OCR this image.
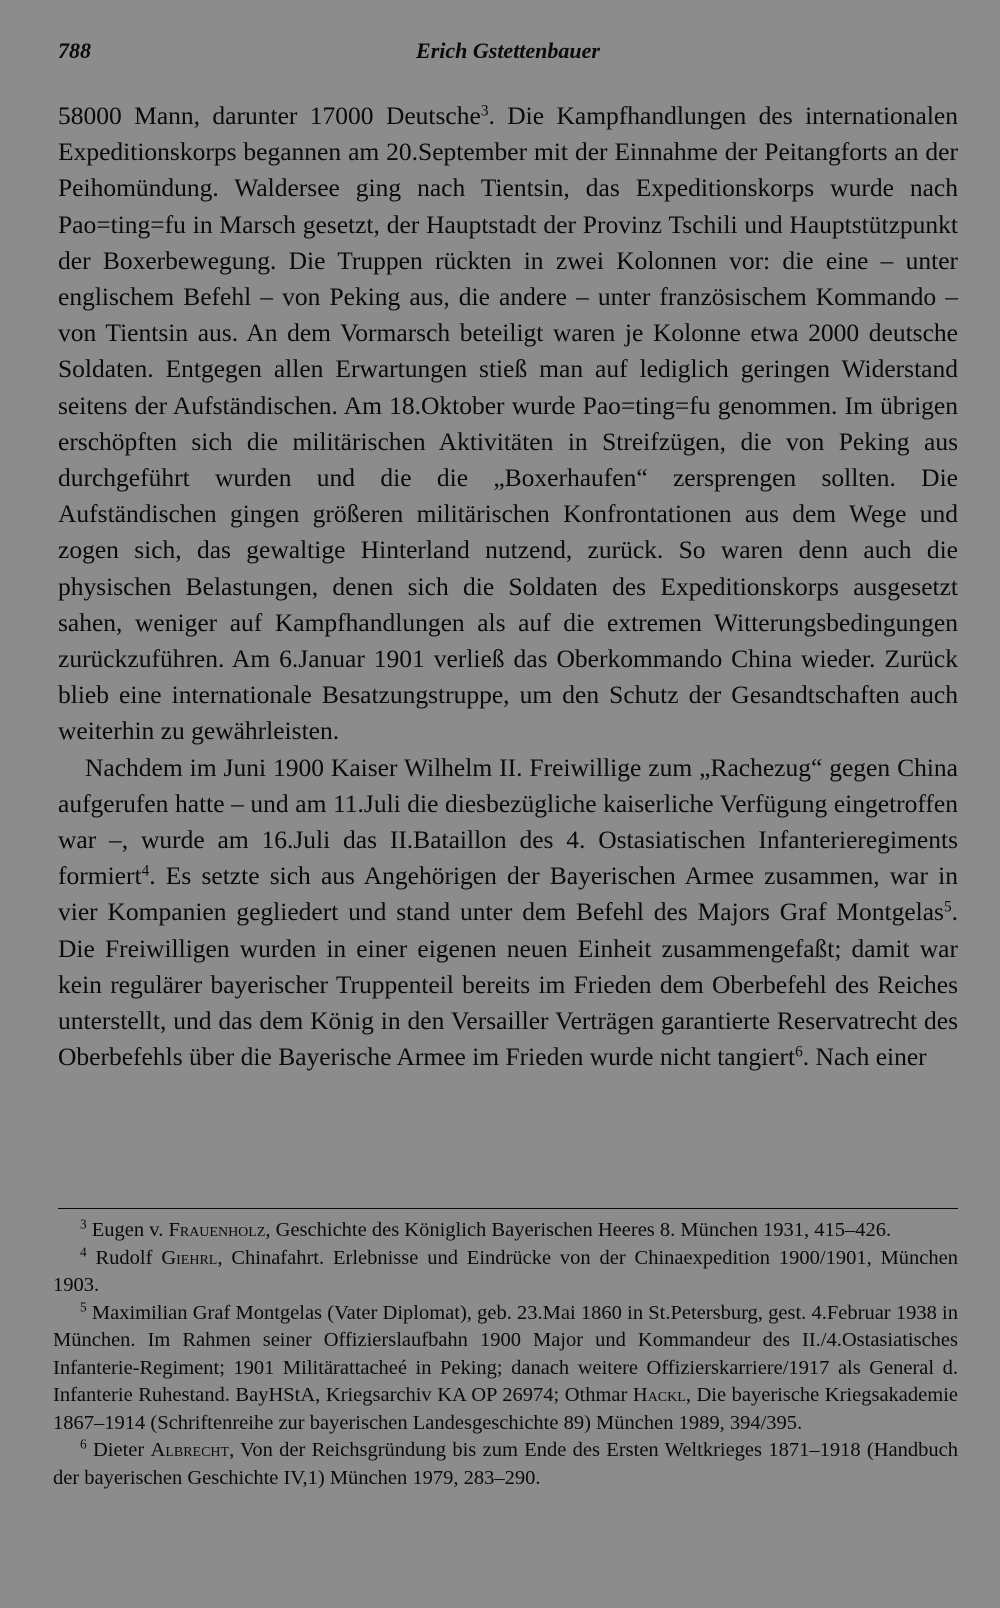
788	Erich Gstettenbauer

58000 Mann, darunter 17000 Deutsche$^3$. Die Kampfhandlungen des internationalen Expeditionskorps begannen am 20.September mit der Einnahme der Peitangforts an der Peihomündung. Waldersee ging nach Tientsin, das Expeditionskorps wurde nach Pao=ting=fu in Marsch gesetzt, der Hauptstadt der Provinz Tschili und Hauptstützpunkt der Boxerbewegung. Die Truppen rückten in zwei Kolonnen vor: die eine – unter englischem Befehl – von Peking aus, die andere – unter französischem Kommando – von Tientsin aus. An dem Vormarsch beteiligt waren je Kolonne etwa 2000 deutsche Soldaten. Entgegen allen Erwartungen stieß man auf lediglich geringen Widerstand seitens der Aufständischen. Am 18.Oktober wurde Pao=ting=fu genommen. Im übrigen erschöpften sich die militärischen Aktivitäten in Streifzügen, die von Peking aus durchgeführt wurden und die die „Boxerhaufen“ zersprengen sollten. Die Aufständischen gingen größeren militärischen Konfrontationen aus dem Wege und zogen sich, das gewaltige Hinterland nutzend, zurück. So waren denn auch die physischen Belastungen, denen sich die Soldaten des Expeditionskorps ausgesetzt sahen, weniger auf Kampfhandlungen als auf die extremen Witterungsbedingungen zurückzuführen. Am 6.Januar 1901 verließ das Oberkommando China wieder. Zurück blieb eine internationale Besatzungstruppe, um den Schutz der Gesandtschaften auch weiterhin zu gewährleisten.

Nachdem im Juni 1900 Kaiser Wilhelm II. Freiwillige zum „Rachezug“ gegen China aufgerufen hatte – und am 11.Juli die diesbezügliche kaiserliche Verfügung eingetroffen war –, wurde am 16.Juli das II.Bataillon des 4. Ostasiatischen Infanterieregiments formiert$^4$. Es setzte sich aus Angehörigen der Bayerischen Armee zusammen, war in vier Kompanien gegliedert und stand unter dem Befehl des Majors Graf Montgelas$^5$. Die Freiwilligen wurden in einer eigenen neuen Einheit zusammengefaßt; damit war kein regulärer bayerischer Truppenteil bereits im Frieden dem Oberbefehl des Reiches unterstellt, und das dem König in den Versailler Verträgen garantierte Reservatrecht des Oberbefehls über die Bayerische Armee im Frieden wurde nicht tangiert$^6$. Nach einer

$^3$ Eugen v. Frauenholz, Geschichte des Königlich Bayerischen Heeres 8. München 1931, 415–426.

$^4$ Rudolf Giehrl, Chinafahrt. Erlebnisse und Eindrücke von der Chinaexpedition 1900/1901, München 1903.

$^5$ Maximilian Graf Montgelas (Vater Diplomat), geb. 23.Mai 1860 in St.Petersburg, gest. 4.Februar 1938 in München. Im Rahmen seiner Offizierslaufbahn 1900 Major und Kommandeur des II./4.Ostasiatisches Infanterie-Regiment; 1901 Militärattacheé in Peking; danach weitere Offizierskarriere/1917 als General d. Infanterie Ruhestand. BayHStA, Kriegsarchiv KA OP 26974; Othmar Hackl, Die bayerische Kriegsakademie 1867–1914 (Schriftenreihe zur bayerischen Landesgeschichte 89) München 1989, 394/395.

$^6$ Dieter Albrecht, Von der Reichsgründung bis zum Ende des Ersten Weltkrieges 1871–1918 (Handbuch der bayerischen Geschichte IV,1) München 1979, 283–290.
